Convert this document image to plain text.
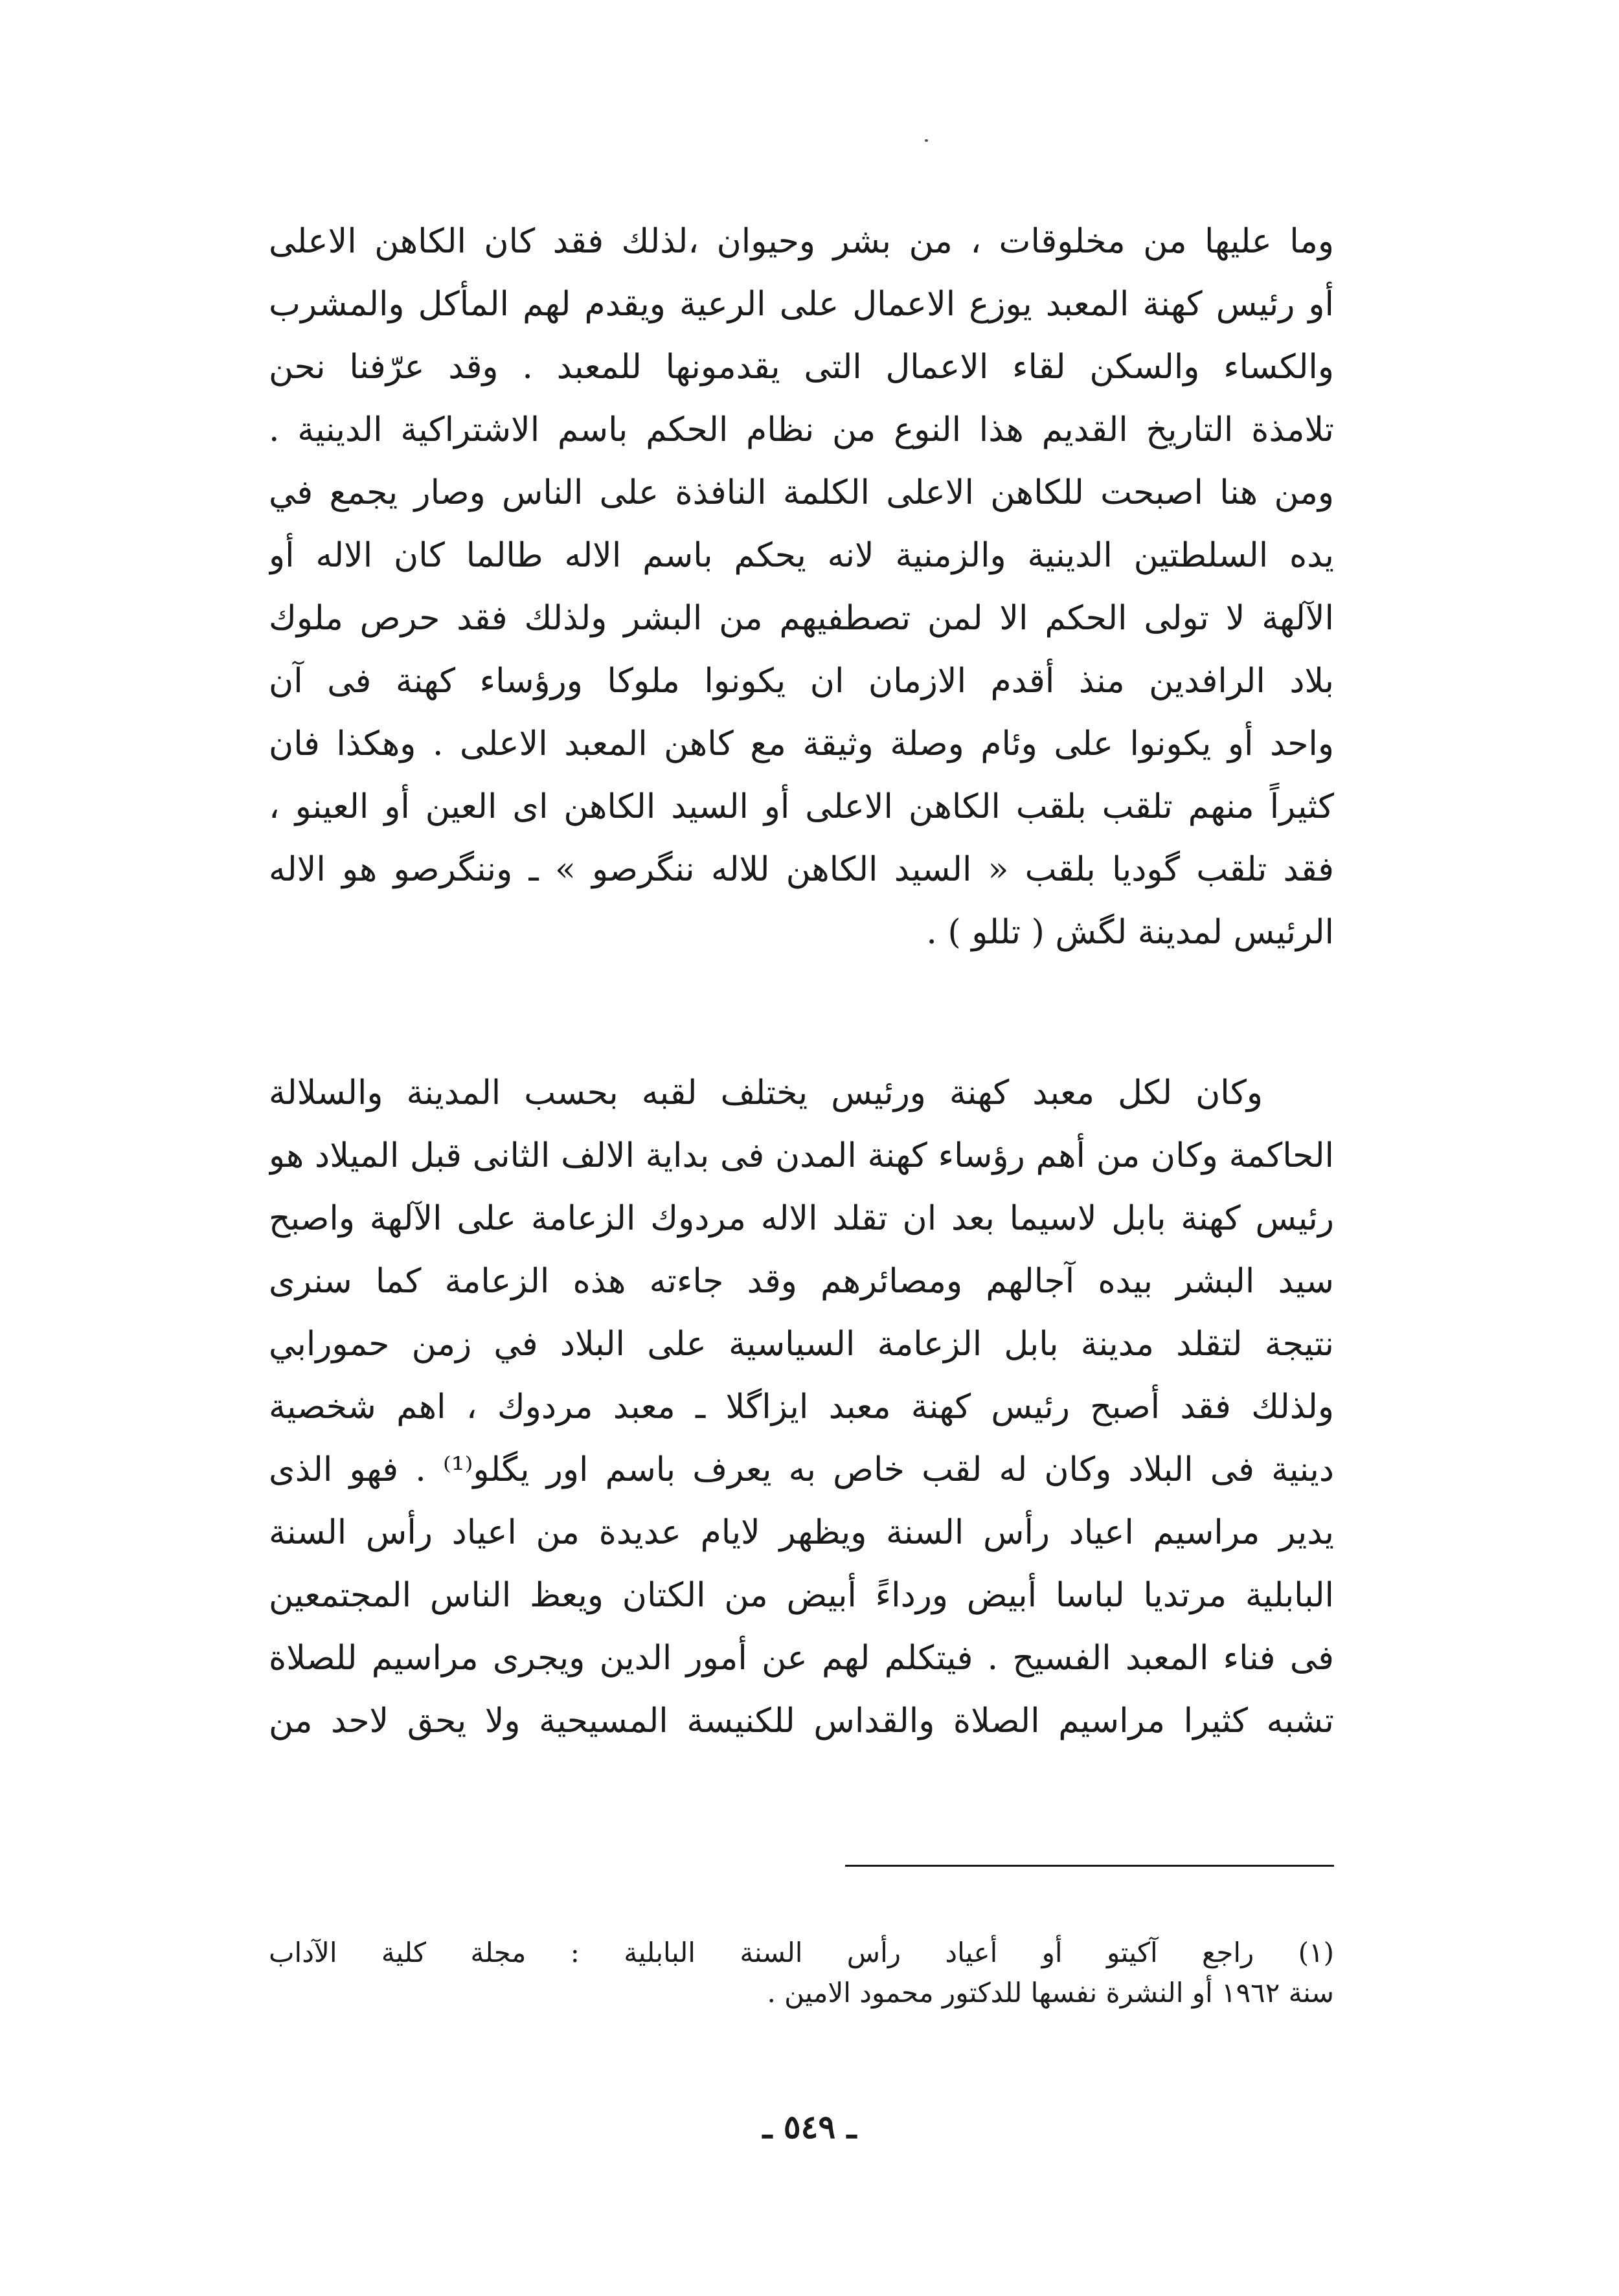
وما عليها من مخلوقات ، من بشر وحيوان ،لذلك فقد كان الكاهن الاعلى
أو رئيس كهنة المعبد يوزع الاعمال على الرعية ويقدم لهم المأكل والمشرب
والكساء والسكن لقاء الاعمال التى يقدمونها للمعبد . وقد عرّفنا نحن
تلامذة التاريخ القديم هذا النوع من نظام الحكم باسم الاشتراكية الدينية .
ومن هنا اصبحت للكاهن الاعلى الكلمة النافذة على الناس وصار يجمع في
يده السلطتين الدينية والزمنية لانه يحكم باسم الاله طالما كان الاله أو
الآلهة لا تولى الحكم الا لمن تصطفيهم من البشر ولذلك فقد حرص ملوك
بلاد الرافدين منذ أقدم الازمان ان يكونوا ملوكا ورؤساء كهنة فى آن
واحد أو يكونوا على وئام وصلة وثيقة مع كاهن المعبد الاعلى . وهكذا فان
كثيراً منهم تلقب بلقب الكاهن الاعلى أو السيد الكاهن اى العين أو العينو ،
فقد تلقب گوديا بلقب « السيد الكاهن للاله ننگرصو » ـ وننگرصو هو الاله
الرئيس لمدينة لگش ( تللو ) .
وكان لكل معبد كهنة ورئيس يختلف لقبه بحسب المدينة والسلالة
الحاكمة وكان من أهم رؤساء كهنة المدن فى بداية الالف الثانى قبل الميلاد هو
رئيس كهنة بابل لاسيما بعد ان تقلد الاله مردوك الزعامة على الآلهة واصبح
سيد البشر بيده آجالهم ومصائرهم وقد جاءته هذه الزعامة كما سنرى
نتيجة لتقلد مدينة بابل الزعامة السياسية على البلاد في زمن حمورابي
ولذلك فقد أصبح رئيس كهنة معبد ايزاگلا ـ معبد مردوك ، اهم شخصية
دينية فى البلاد وكان له لقب خاص به يعرف باسم اور يگلو⁽¹⁾ . فهو الذى
يدير مراسيم اعياد رأس السنة ويظهر لايام عديدة من اعياد رأس السنة
البابلية مرتديا لباسا أبيض ورداءً أبيض من الكتان ويعظ الناس المجتمعين
فى فناء المعبد الفسيح . فيتكلم لهم عن أمور الدين ويجرى مراسيم للصلاة
تشبه كثيرا مراسيم الصلاة والقداس للكنيسة المسيحية ولا يحق لاحد من
(١) راجع آكيتو أو أعياد رأس السنة البابلية : مجلة كلية الآداب
سنة ١٩٦٢ أو النشرة نفسها للدكتور محمود الامين .
ـ ٥٤٩ ـ
